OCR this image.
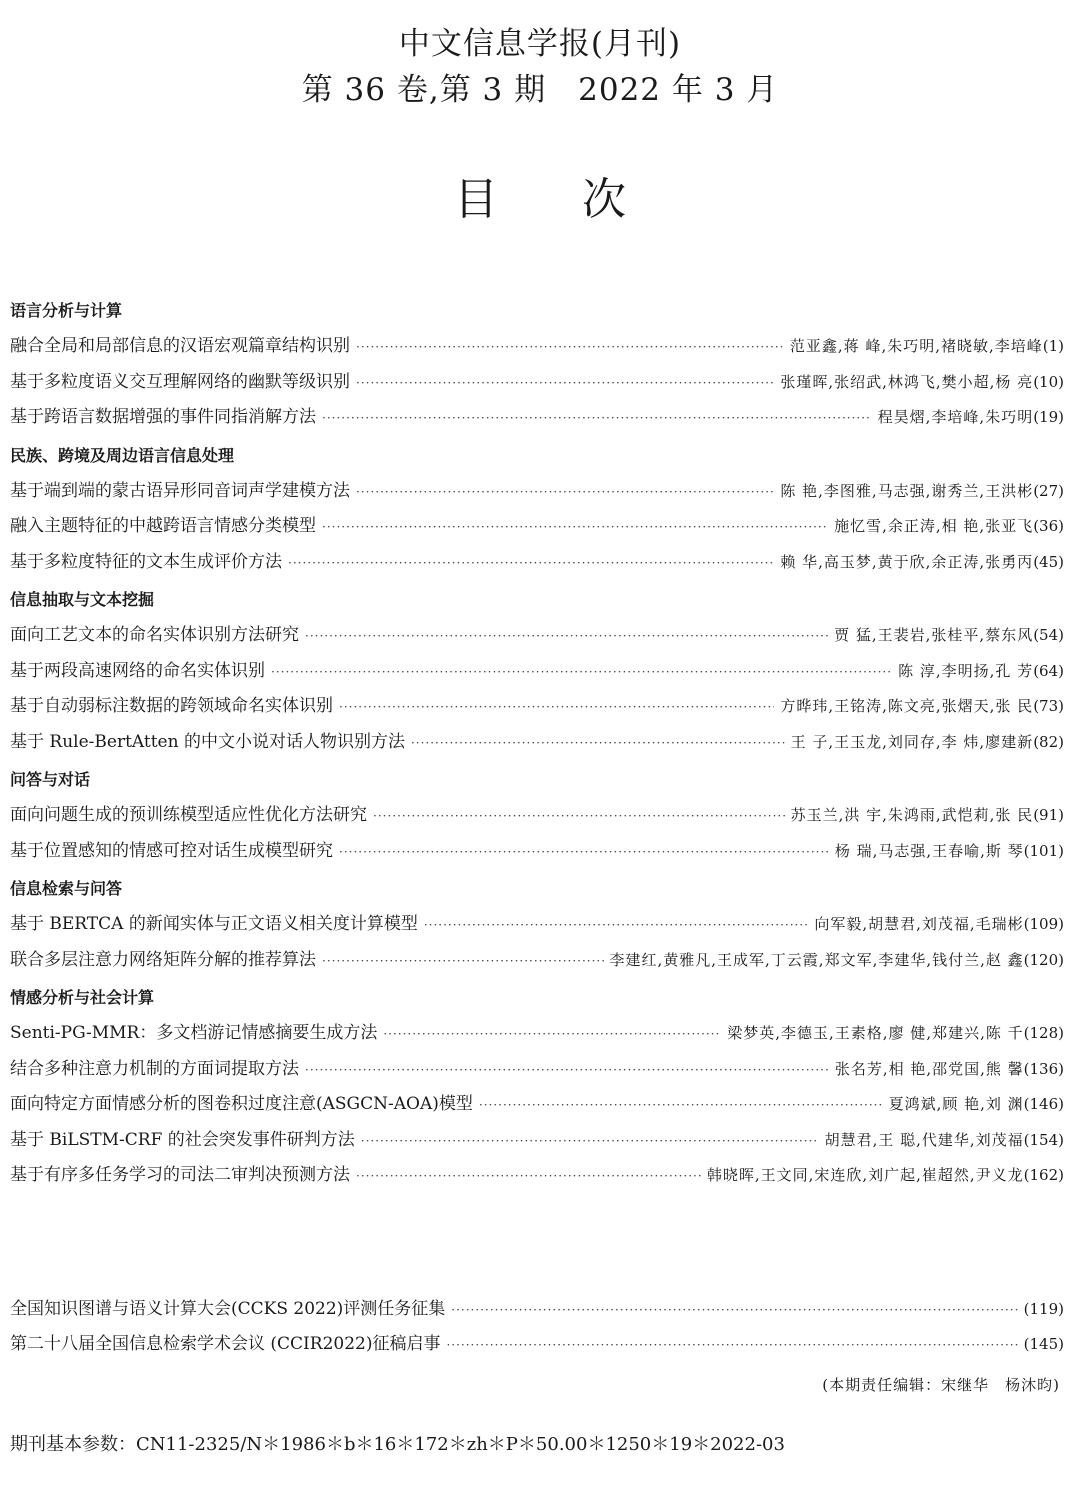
中文信息学报(月刊)
第 36 卷,第 3 期　2022 年 3 月
目次
语言分析与计算
融合全局和局部信息的汉语宏观篇章结构识别 ·····	范亚鑫,蒋 峰,朱巧明,褚晓敏,李培峰 (1)
基于多粒度语义交互理解网络的幽默等级识别 ·····	张瑾晖,张绍武,林鸿飞,樊小超,杨 亮 (10)
基于跨语言数据增强的事件同指消解方法 ·····	程昊熠,李培峰,朱巧明 (19)
民族、跨境及周边语言信息处理
基于端到端的蒙古语异形同音词声学建模方法 ·····	陈 艳,李图雅,马志强,谢秀兰,王洪彬 (27)
融入主题特征的中越跨语言情感分类模型 ·····	施忆雪,余正涛,相 艳,张亚飞 (36)
基于多粒度特征的文本生成评价方法 ·····	赖 华,高玉梦,黄于欣,余正涛,张勇丙 (45)
信息抽取与文本挖掘
面向工艺文本的命名实体识别方法研究 ·····	贾 猛,王裴岩,张桂平,蔡东风 (54)
基于两段高速网络的命名实体识别 ·····	陈 淳,李明扬,孔 芳 (64)
基于自动弱标注数据的跨领域命名实体识别 ·····	方晔玮,王铭涛,陈文亮,张熠天,张 民 (73)
基于 Rule-BertAtten 的中文小说对话人物识别方法 ·····	王 子,王玉龙,刘同存,李 炜,廖建新 (82)
问答与对话
面向问题生成的预训练模型适应性优化方法研究 ·····	苏玉兰,洪 宇,朱鸿雨,武恺莉,张 民 (91)
基于位置感知的情感可控对话生成模型研究 ·····	杨 瑞,马志强,王春喻,斯 琴 (101)
信息检索与问答
基于 BERTCA 的新闻实体与正文语义相关度计算模型 ·····	向军毅,胡慧君,刘茂福,毛瑞彬 (109)
联合多层注意力网络矩阵分解的推荐算法 ·····	李建红,黄雅凡,王成军,丁云霞,郑文军,李建华,钱付兰,赵 鑫 (120)
情感分析与社会计算
Senti-PG-MMR：多文档游记情感摘要生成方法 ·····	梁梦英,李德玉,王素格,廖 健,郑建兴,陈 千 (128)
结合多种注意力机制的方面词提取方法 ·····	张名芳,相 艳,邵党国,熊 馨 (136)
面向特定方面情感分析的图卷积过度注意(ASGCN-AOA)模型 ·····	夏鸿斌,顾 艳,刘 渊 (146)
基于 BiLSTM-CRF 的社会突发事件研判方法 ·····	胡慧君,王 聪,代建华,刘茂福 (154)
基于有序多任务学习的司法二审判决预测方法 ·····	韩晓晖,王文同,宋连欣,刘广起,崔超然,尹义龙 (162)
全国知识图谱与语义计算大会(CCKS 2022)评测任务征集 ·····	(119)
第二十八届全国信息检索学术会议 (CCIR2022)征稿启事 ·····	(145)
(本期责任编辑：宋继华　杨沐昀)
期刊基本参数：CN11-2325/N＊1986＊b＊16＊172＊zh＊P＊50.00＊1250＊19＊2022-03
